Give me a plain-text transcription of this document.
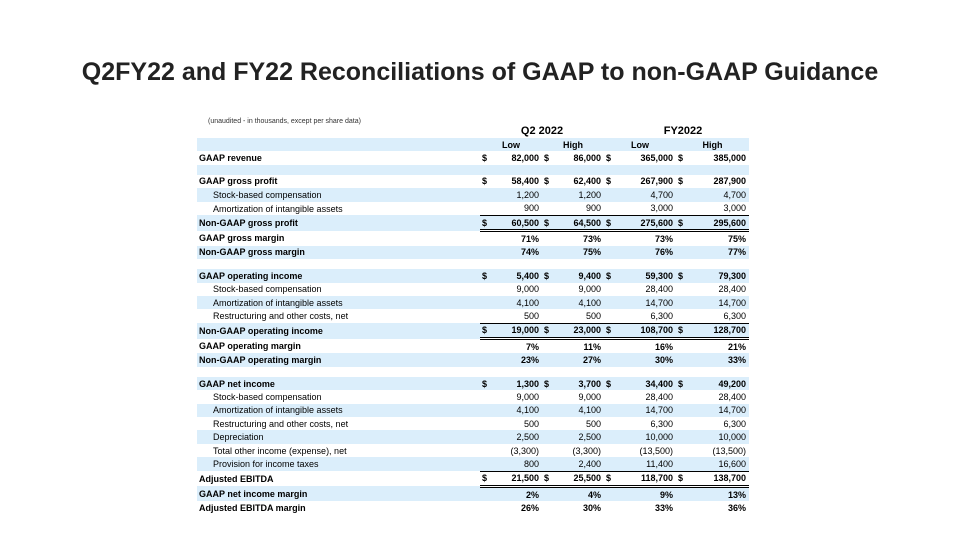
Q2FY22 and FY22 Reconciliations of GAAP to non-GAAP Guidance
(unaudited - in thousands, except per share data)
Q2 2022	FY2022
	Low		High		Low		High	
GAAP revenue	$	82,000	$	86,000	$	365,000	$	385,000

GAAP gross profit	$	58,400	$	62,400	$	267,900	$	287,900
Stock-based compensation		1,200		1,200		4,700		4,700
Amortization of intangible assets		900		900		3,000		3,000
Non-GAAP gross profit	$	60,500	$	64,500	$	275,600	$	295,600
GAAP gross margin		71%		73%		73%		75%
Non-GAAP gross margin		74%		75%		76%		77%

GAAP operating income	$	5,400	$	9,400	$	59,300	$	79,300
Stock-based compensation		9,000		9,000		28,400		28,400
Amortization of intangible assets		4,100		4,100		14,700		14,700
Restructuring and other costs, net		500		500		6,300		6,300
Non-GAAP operating income	$	19,000	$	23,000	$	108,700	$	128,700
GAAP operating margin		7%		11%		16%		21%
Non-GAAP operating margin		23%		27%		30%		33%

GAAP net income	$	1,300	$	3,700	$	34,400	$	49,200
Stock-based compensation		9,000		9,000		28,400		28,400
Amortization of intangible assets		4,100		4,100		14,700		14,700
Restructuring and other costs, net		500		500		6,300		6,300
Depreciation		2,500		2,500		10,000		10,000
Total other income (expense), net		(3,300)		(3,300)		(13,500)		(13,500)
Provision for income taxes		800		2,400		11,400		16,600
Adjusted EBITDA	$	21,500	$	25,500	$	118,700	$	138,700
GAAP net income margin		2%		4%		9%		13%
Adjusted EBITDA margin		26%		30%		33%		36%
